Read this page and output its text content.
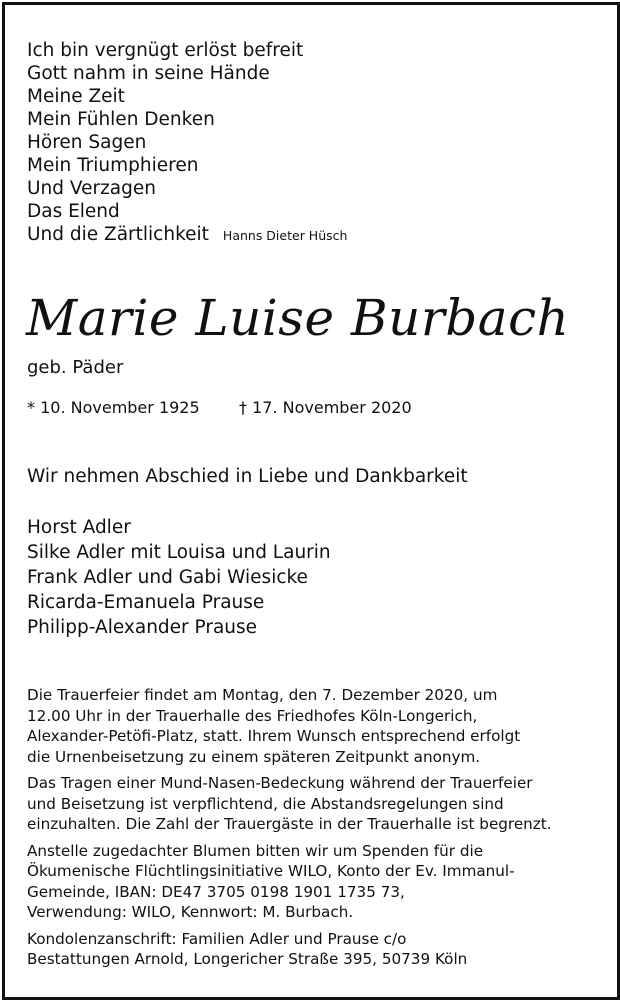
Ich bin vergnügt erlöst befreit
Gott nahm in seine Hände
Meine Zeit
Mein Fühlen Denken
Hören Sagen
Mein Triumphieren
Und Verzagen
Das Elend
Und die Zärtlichkeit Hanns Dieter Hüsch
Marie Luise Burbach
geb. Päder
* 10. November 1925 † 17. November 2020
Wir nehmen Abschied in Liebe und Dankbarkeit
Horst Adler
Silke Adler mit Louisa und Laurin
Frank Adler und Gabi Wiesicke
Ricarda-Emanuela Prause
Philipp-Alexander Prause
Die Trauerfeier findet am Montag, den 7. Dezember 2020, um
12.00 Uhr in der Trauerhalle des Friedhofes Köln-Longerich,
Alexander-Petöfi-Platz, statt. Ihrem Wunsch entsprechend erfolgt
die Urnenbeisetzung zu einem späteren Zeitpunkt anonym.
Das Tragen einer Mund-Nasen-Bedeckung während der Trauerfeier
und Beisetzung ist verpflichtend, die Abstandsregelungen sind
einzuhalten. Die Zahl der Trauergäste in der Trauerhalle ist begrenzt.
Anstelle zugedachter Blumen bitten wir um Spenden für die
Ökumenische Flüchtlingsinitiative WILO, Konto der Ev. Immanul-
Gemeinde, IBAN: DE47 3705 0198 1901 1735 73,
Verwendung: WILO, Kennwort: M. Burbach.
Kondolenzanschrift: Familien Adler und Prause c/o
Bestattungen Arnold, Longericher Straße 395, 50739 Köln
